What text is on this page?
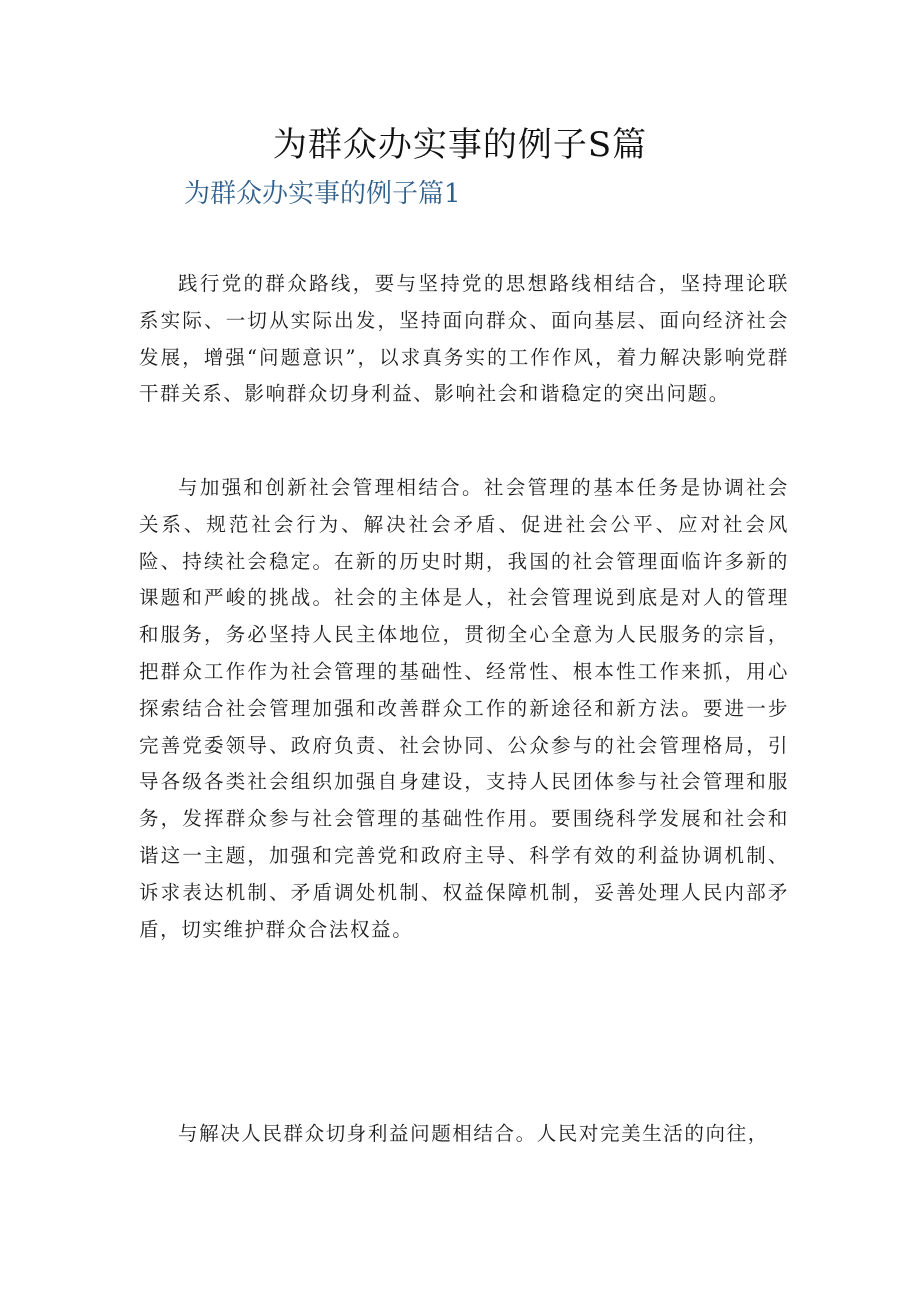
为群众办实事的例子S篇
为群众办实事的例子篇1

践行党的群众路线，要与坚持党的思想路线相结合，坚持理论联系实际、一切从实际出发，坚持面向群众、面向基层、面向经济社会发展，增强“问题意识”，以求真务实的工作作风，着力解决影响党群干群关系、影响群众切身利益、影响社会和谐稳定的突出问题。

与加强和创新社会管理相结合。社会管理的基本任务是协调社会关系、规范社会行为、解决社会矛盾、促进社会公平、应对社会风险、持续社会稳定。在新的历史时期，我国的社会管理面临许多新的课题和严峻的挑战。社会的主体是人，社会管理说到底是对人的管理和服务，务必坚持人民主体地位，贯彻全心全意为人民服务的宗旨，把群众工作作为社会管理的基础性、经常性、根本性工作来抓，用心探索结合社会管理加强和改善群众工作的新途径和新方法。要进一步完善党委领导、政府负责、社会协同、公众参与的社会管理格局，引导各级各类社会组织加强自身建设，支持人民团体参与社会管理和服务，发挥群众参与社会管理的基础性作用。要围绕科学发展和社会和谐这一主题，加强和完善党和政府主导、科学有效的利益协调机制、诉求表达机制、矛盾调处机制、权益保障机制，妥善处理人民内部矛盾，切实维护群众合法权益。

与解决人民群众切身利益问题相结合。人民对完美生活的向往，
